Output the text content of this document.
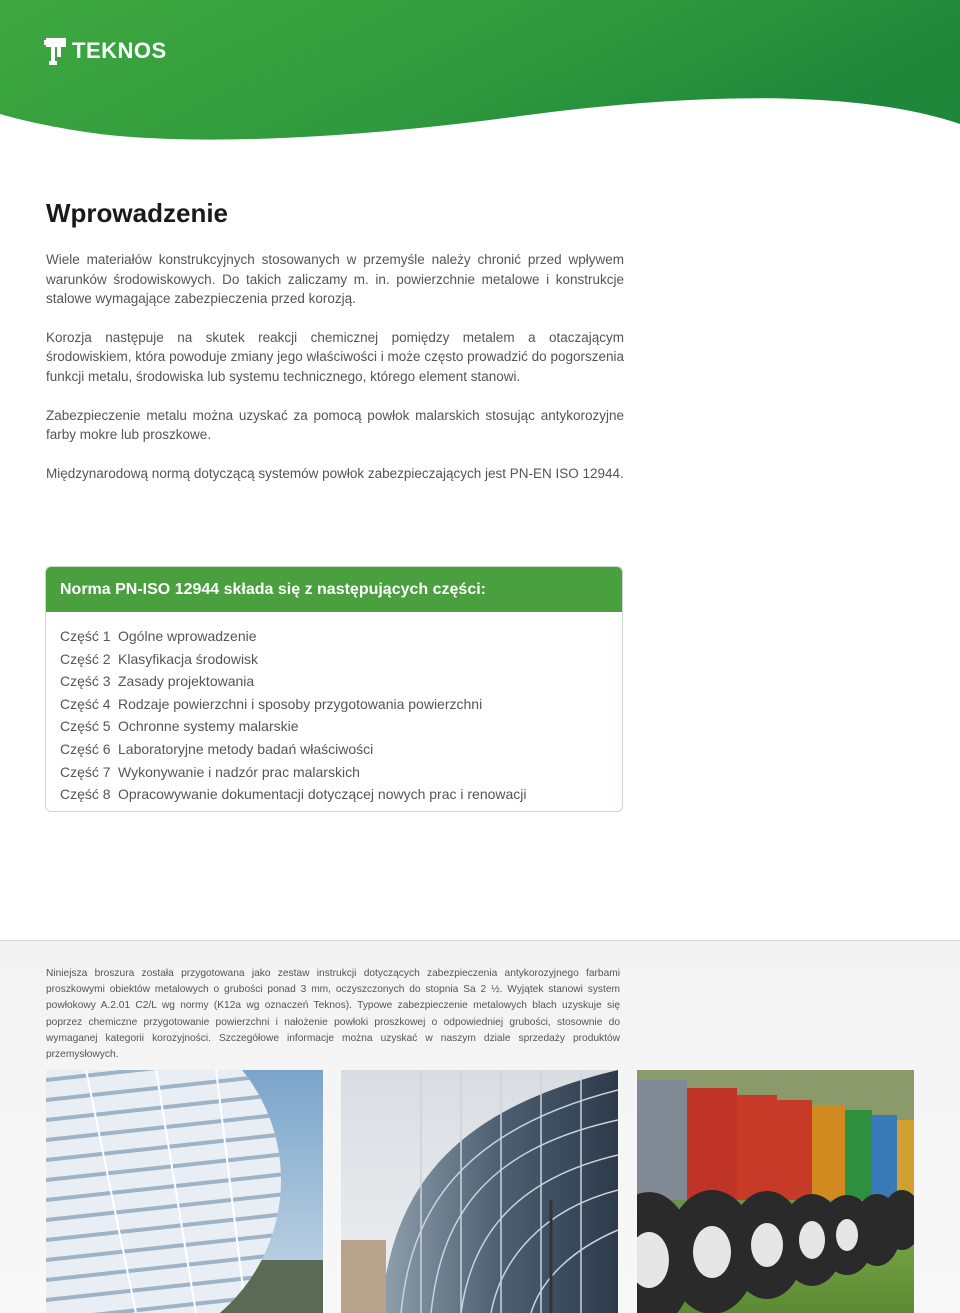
TEKNOS
Wprowadzenie

Wiele materiałów konstrukcyjnych stosowanych w przemyśle należy chronić przed wpływem warunków środowiskowych. Do takich zaliczamy m. in. powierzchnie metalowe i konstrukcje stalowe wymagające zabezpieczenia przed korozją.

Korozja następuje na skutek reakcji chemicznej pomiędzy metalem a otaczającym środowiskiem, która powoduje zmiany jego właściwości i może często prowadzić do pogorszenia funkcji metalu, środowiska lub systemu technicznego, którego element stanowi.

Zabezpieczenie metalu można uzyskać za pomocą powłok malarskich stosując antykorozyjne farby mokre lub proszkowe.

Międzynarodową normą dotyczącą systemów powłok zabezpieczających jest PN-EN ISO 12944.

Norma PN-ISO 12944 składa się z następujących części:
Część 1 Ogólne wprowadzenie
Część 2 Klasyfikacja środowisk
Część 3 Zasady projektowania
Część 4 Rodzaje powierzchni i sposoby przygotowania powierzchni
Część 5 Ochronne systemy malarskie
Część 6 Laboratoryjne metody badań właściwości
Część 7 Wykonywanie i nadzór prac malarskich
Część 8 Opracowywanie dokumentacji dotyczącej nowych prac i renowacji

Niniejsza broszura została przygotowana jako zestaw instrukcji dotyczących zabezpieczenia antykorozyjnego farbami proszkowymi obiektów metalowych o grubości ponad 3 mm, oczyszczonych do stopnia Sa 2 ½. Wyjątek stanowi system powłokowy A.2.01 C2/L wg normy (K12a wg oznaczeń Teknos). Typowe zabezpieczenie metalowych blach uzyskuje się poprzez chemiczne przygotowanie powierzchni i nałożenie powłoki proszkowej o odpowiedniej grubości, stosownie do wymaganej kategorii korozyjności. Szczegółowe informacje można uzyskać w naszym dziale sprzedaży produktów przemysłowych.
